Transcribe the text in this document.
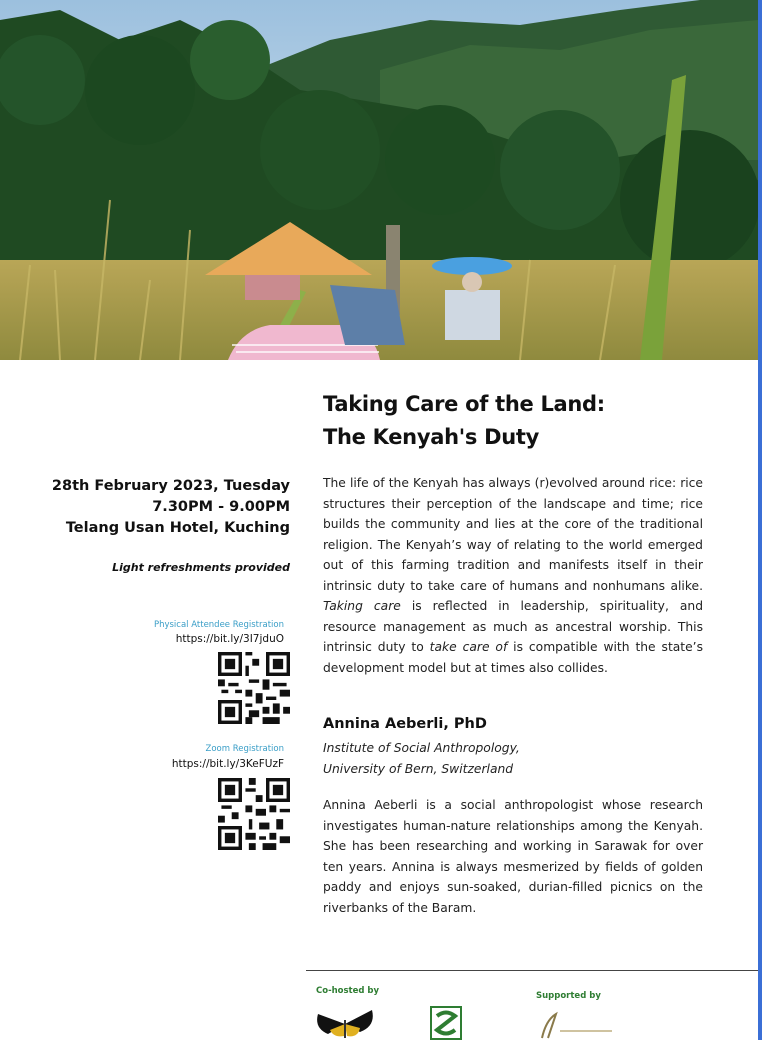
Taking Care of the Land:
The Kenyah's Duty
28th February 2023, Tuesday
7.30PM - 9.00PM
Telang Usan Hotel, Kuching
Light refreshments provided
Physical Attendee Registration
https://bit.ly/3I7jduO
Zoom Registration
https://bit.ly/3KeFUzF
The life of the Kenyah has always (r)evolved around rice: rice structures their perception of the landscape and time; rice builds the community and lies at the core of the traditional religion. The Kenyah’s way of relating to the world emerged out of this farming tradition and manifests itself in their intrinsic duty to take care of humans and nonhumans alike. Taking care is reflected in leadership, spirituality, and resource management as much as ancestral worship. This intrinsic duty to take care of is compatible with the state’s development model but at times also collides.
Annina Aeberli, PhD
Institute of Social Anthropology,
University of Bern, Switzerland
Annina Aeberli is a social anthropologist whose research investigates human-nature relationships among the Kenyah. She has been researching and working in Sarawak for over ten years. Annina is always mesmerized by fields of golden paddy and enjoys sun-soaked, durian-filled picnics on the riverbanks of the Baram.
Co-hosted by	Supported by
